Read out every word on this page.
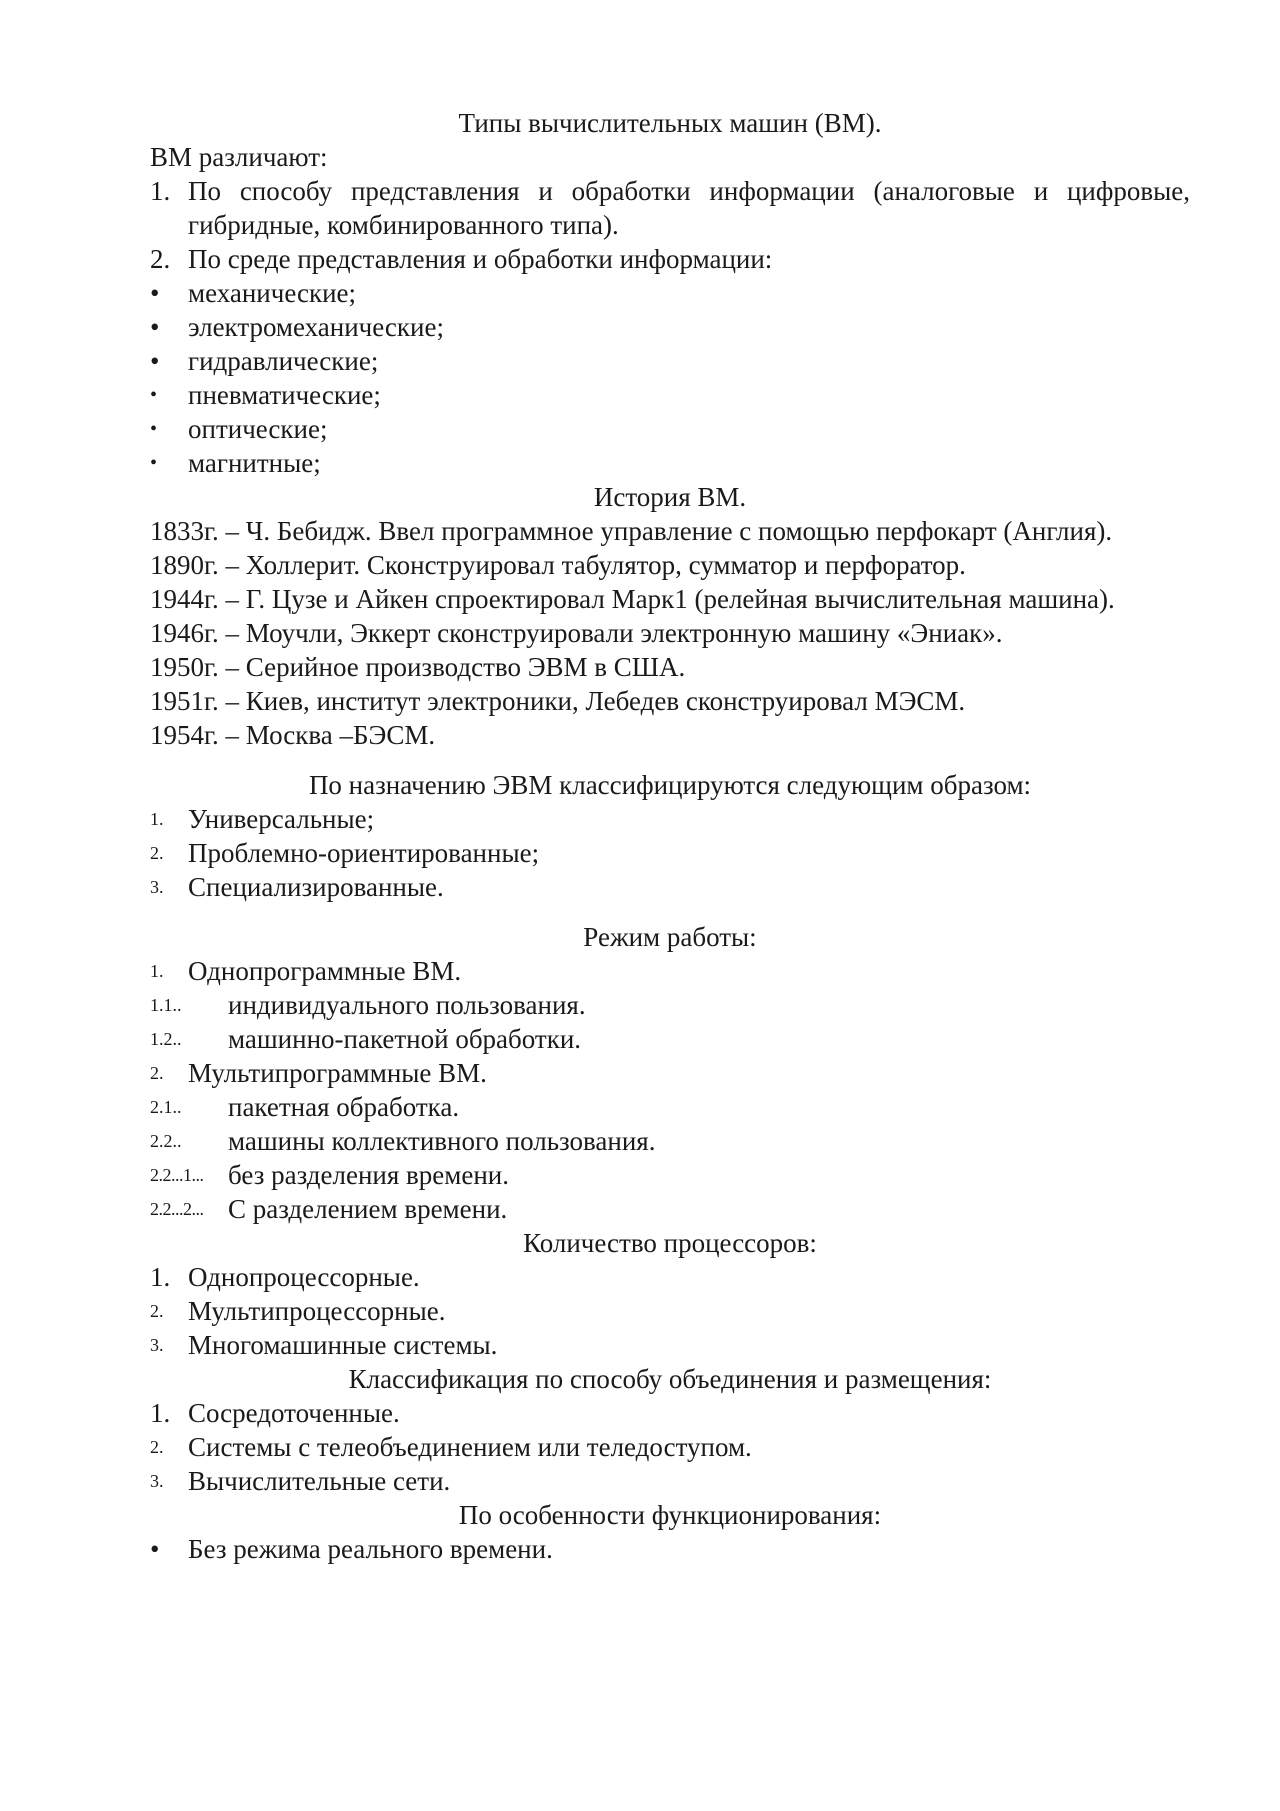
Типы вычислительных машин (ВМ).
ВМ различают:
1. По способу представления и обработки информации (аналоговые и цифровые, гибридные, комбинированного типа).
2. По среде представления и обработки информации:
• механические;
• электромеханические;
• гидравлические;
• пневматические;
• оптические;
• магнитные;
История ВМ.
1833г. – Ч. Бебидж. Ввел программное управление с помощью перфокарт (Англия).
1890г. – Холлерит. Сконструировал табулятор, сумматор и перфоратор.
1944г. – Г. Цузе и Айкен спроектировал Марк1 (релейная вычислительная машина).
1946г. – Моучли, Эккерт сконструировали электронную машину «Эниак».
1950г. – Серийное производство ЭВМ в США.
1951г. – Киев, институт электроники, Лебедев сконструировал МЭСМ.
1954г. – Москва –БЭСМ.
По назначению ЭВМ классифицируются следующим образом:
1. Универсальные;
2. Проблемно-ориентированные;
3. Специализированные.
Режим работы:
1. Однопрограммные ВМ.
1.1.. индивидуального пользования.
1.2.. машинно-пакетной обработки.
2. Мультипрограммные ВМ.
2.1.. пакетная обработка.
2.2.. машины коллективного пользования.
2.2...1... без разделения времени.
2.2...2... С разделением времени.
Количество процессоров:
1. Однопроцессорные.
2. Мультипроцессорные.
3. Многомашинные системы.
Классификация по способу объединения и размещения:
1. Сосредоточенные.
2. Системы с телеобъединением или теледоступом.
3. Вычислительные сети.
По особенности функционирования:
• Без режима реального времени.
